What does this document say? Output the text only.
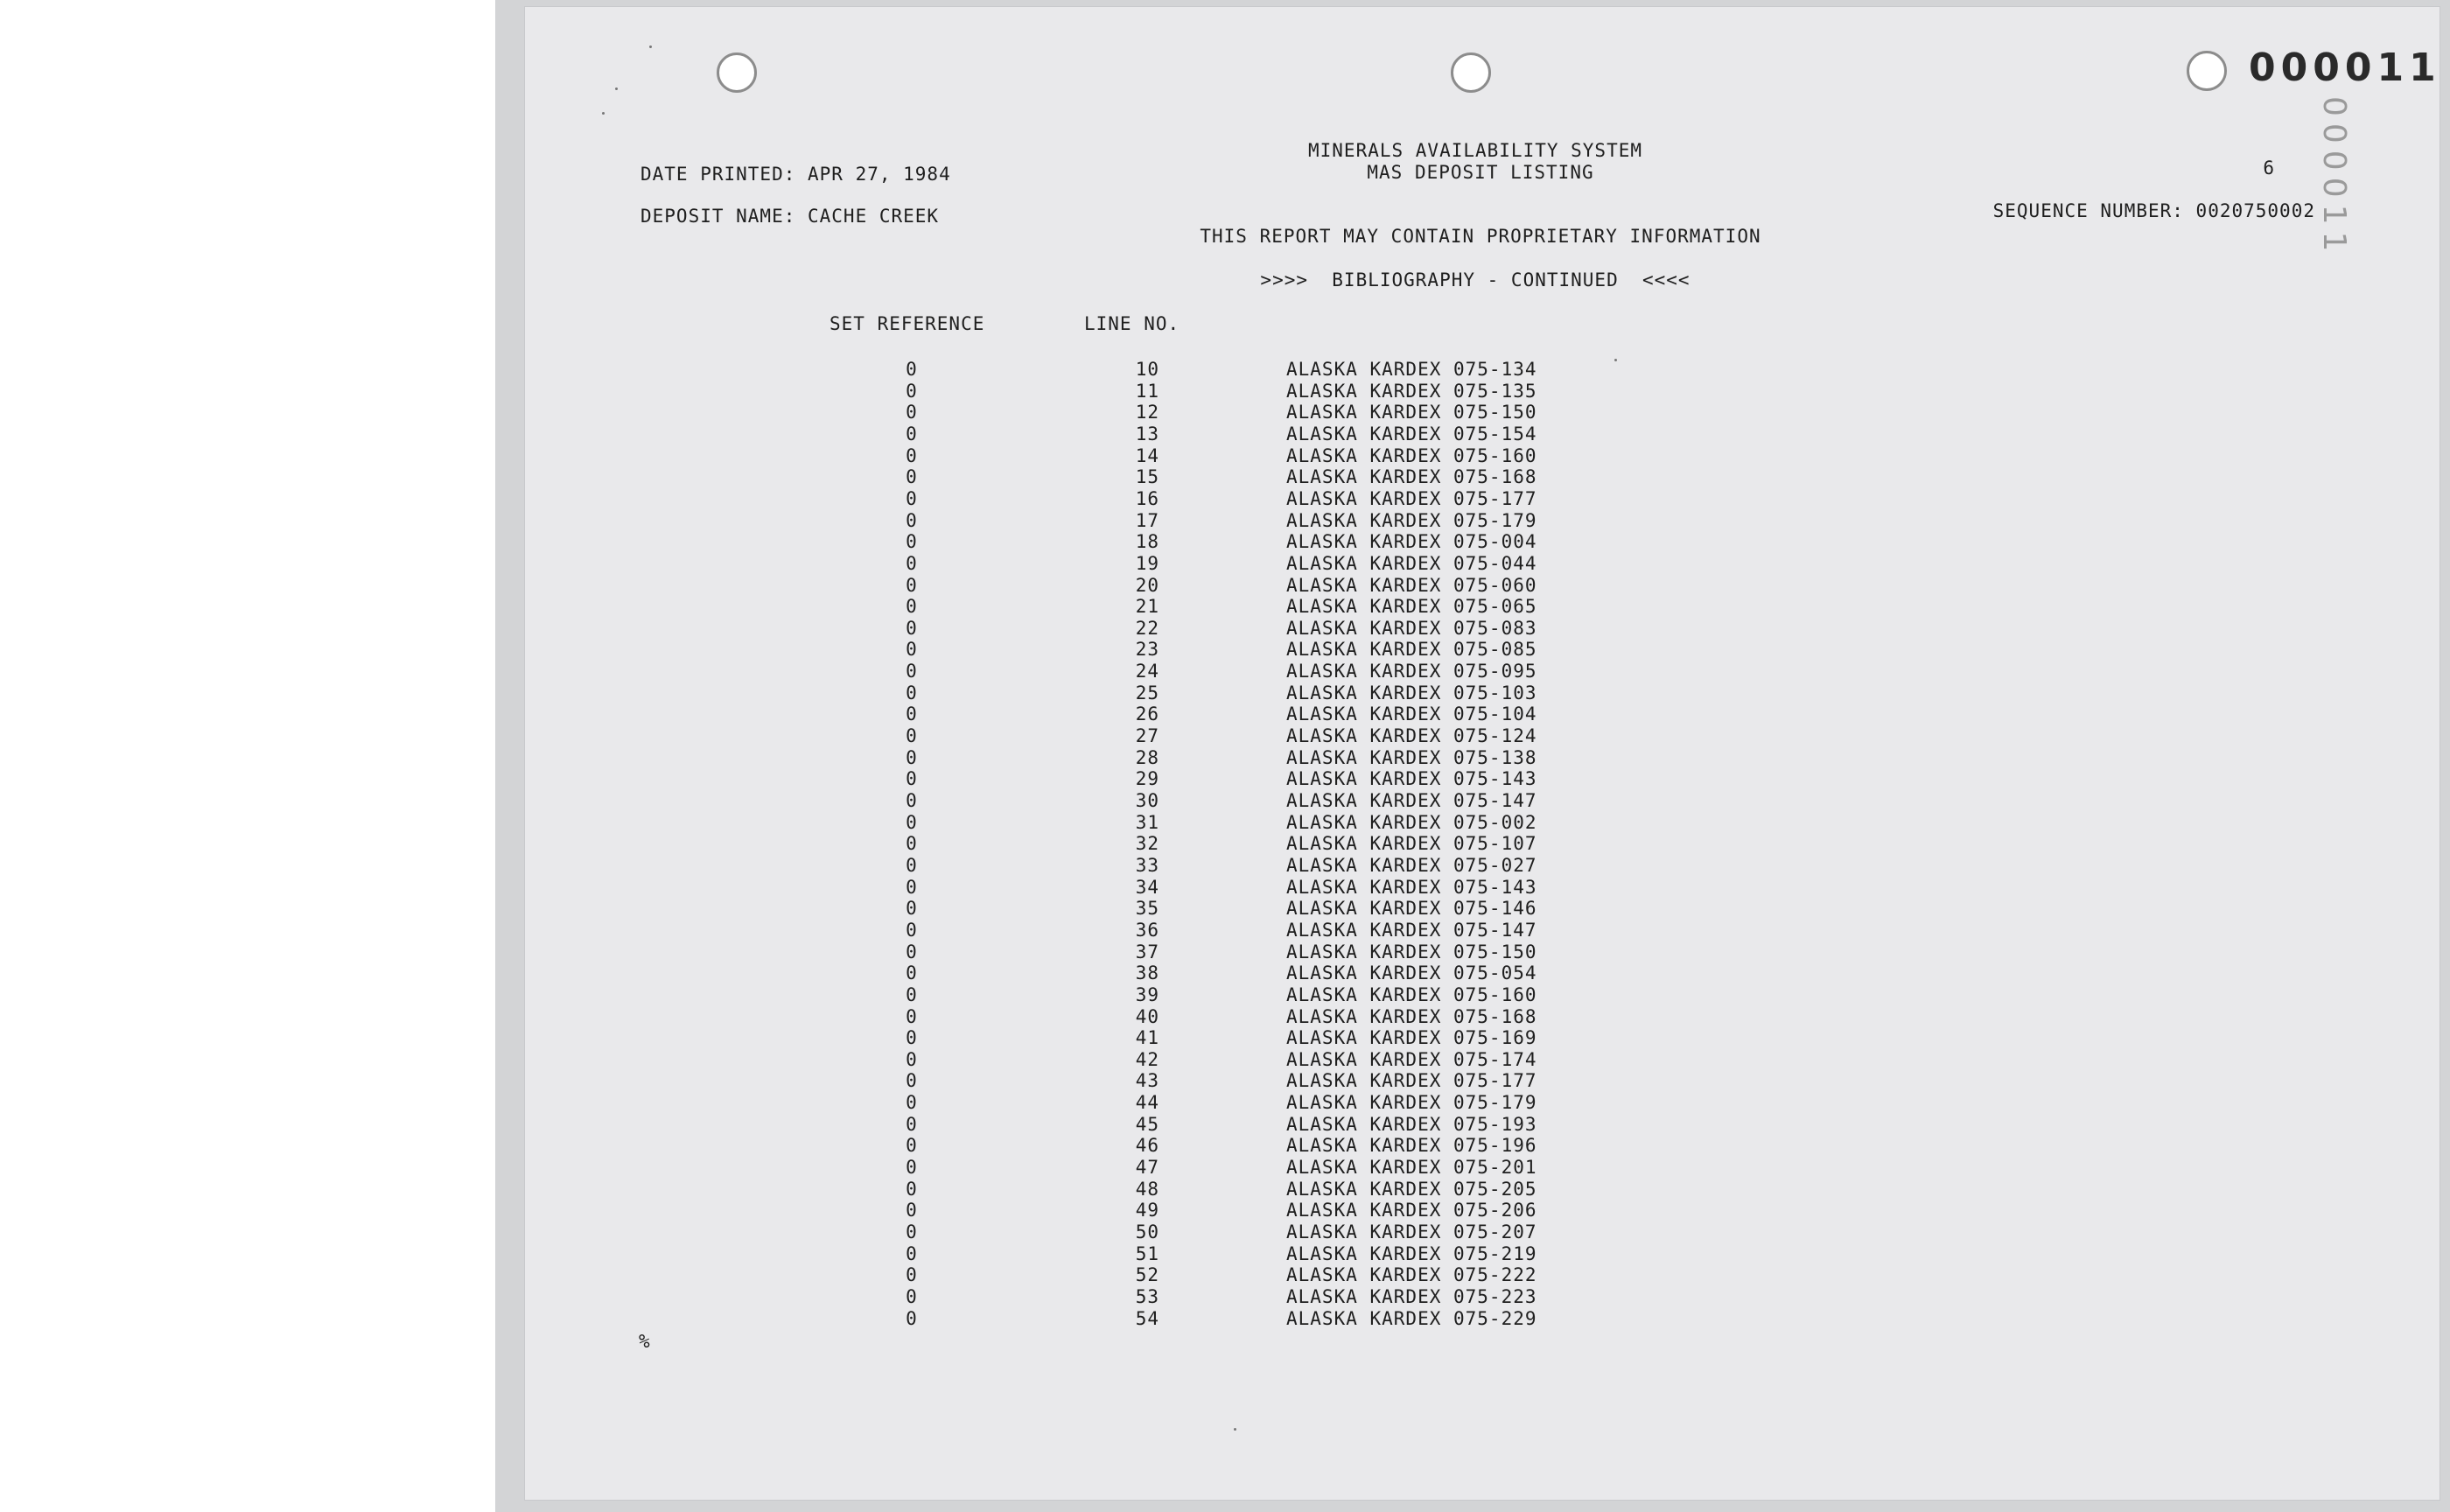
000011
000011
MINERALS AVAILABILITY SYSTEM
MAS DEPOSIT LISTING
DATE PRINTED: APR 27, 1984	6
DEPOSIT NAME: CACHE CREEK	SEQUENCE NUMBER: 0020750002
THIS REPORT MAY CONTAIN PROPRIETARY INFORMATION
>>>>  BIBLIOGRAPHY - CONTINUED  <<<<
SET REFERENCE	LINE NO.
0	10	ALASKA KARDEX 075-134
0	11	ALASKA KARDEX 075-135
0	12	ALASKA KARDEX 075-150
0	13	ALASKA KARDEX 075-154
0	14	ALASKA KARDEX 075-160
0	15	ALASKA KARDEX 075-168
0	16	ALASKA KARDEX 075-177
0	17	ALASKA KARDEX 075-179
0	18	ALASKA KARDEX 075-004
0	19	ALASKA KARDEX 075-044
0	20	ALASKA KARDEX 075-060
0	21	ALASKA KARDEX 075-065
0	22	ALASKA KARDEX 075-083
0	23	ALASKA KARDEX 075-085
0	24	ALASKA KARDEX 075-095
0	25	ALASKA KARDEX 075-103
0	26	ALASKA KARDEX 075-104
0	27	ALASKA KARDEX 075-124
0	28	ALASKA KARDEX 075-138
0	29	ALASKA KARDEX 075-143
0	30	ALASKA KARDEX 075-147
0	31	ALASKA KARDEX 075-002
0	32	ALASKA KARDEX 075-107
0	33	ALASKA KARDEX 075-027
0	34	ALASKA KARDEX 075-143
0	35	ALASKA KARDEX 075-146
0	36	ALASKA KARDEX 075-147
0	37	ALASKA KARDEX 075-150
0	38	ALASKA KARDEX 075-054
0	39	ALASKA KARDEX 075-160
0	40	ALASKA KARDEX 075-168
0	41	ALASKA KARDEX 075-169
0	42	ALASKA KARDEX 075-174
0	43	ALASKA KARDEX 075-177
0	44	ALASKA KARDEX 075-179
0	45	ALASKA KARDEX 075-193
0	46	ALASKA KARDEX 075-196
0	47	ALASKA KARDEX 075-201
0	48	ALASKA KARDEX 075-205
0	49	ALASKA KARDEX 075-206
0	50	ALASKA KARDEX 075-207
0	51	ALASKA KARDEX 075-219
0	52	ALASKA KARDEX 075-222
0	53	ALASKA KARDEX 075-223
0	54	ALASKA KARDEX 075-229
%
